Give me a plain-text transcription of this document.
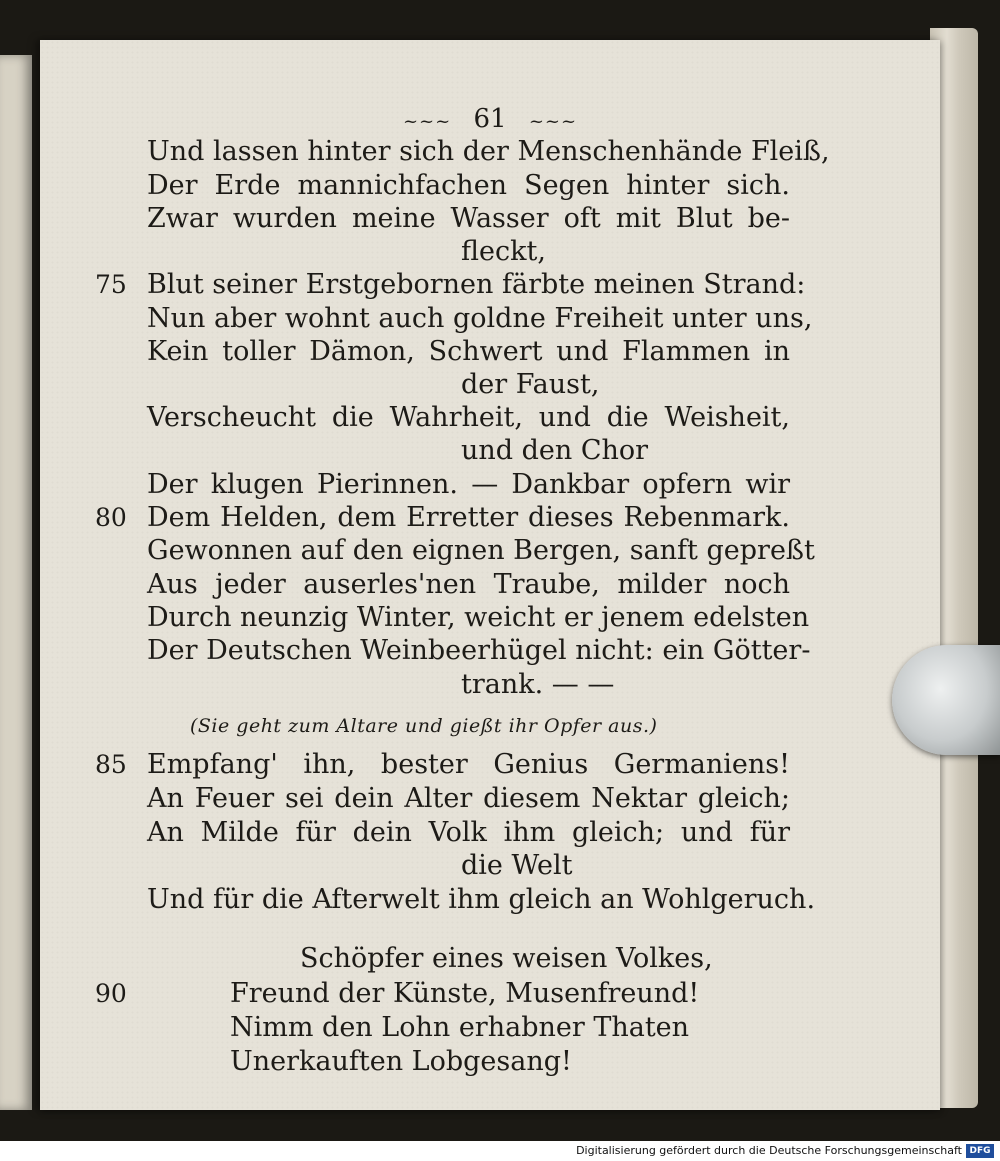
~~~ 61 ~~~
Und lassen hinter sich der Menschenhände Fleiß,
Der Erde mannichfachen Segen hinter sich.
Zwar wurden meine Wasser oft mit Blut be-
fleckt,
75 Blut seiner Erstgebornen färbte meinen Strand:
Nun aber wohnt auch goldne Freiheit unter uns,
Kein toller Dämon, Schwert und Flammen in
der Faust,
Verscheucht die Wahrheit, und die Weisheit,
und den Chor
Der klugen Pierinnen. — Dankbar opfern wir
80 Dem Helden, dem Erretter dieses Rebenmark.
Gewonnen auf den eignen Bergen, sanft gepreßt
Aus jeder auserles'nen Traube, milder noch
Durch neunzig Winter, weicht er jenem edelsten
Der Deutschen Weinbeerhügel nicht: ein Götter-
trank. — —
(Sie geht zum Altare und gießt ihr Opfer aus.)
85 Empfang' ihn, bester Genius Germaniens!
An Feuer sei dein Alter diesem Nektar gleich;
An Milde für dein Volk ihm gleich; und für
die Welt
Und für die Afterwelt ihm gleich an Wohlgeruch.
Schöpfer eines weisen Volkes,
90	Freund der Künste, Musenfreund!
Nimm den Lohn erhabner Thaten
Unerkauften Lobgesang!
Digitalisierung gefördert durch die Deutsche Forschungsgemeinschaft DFG
